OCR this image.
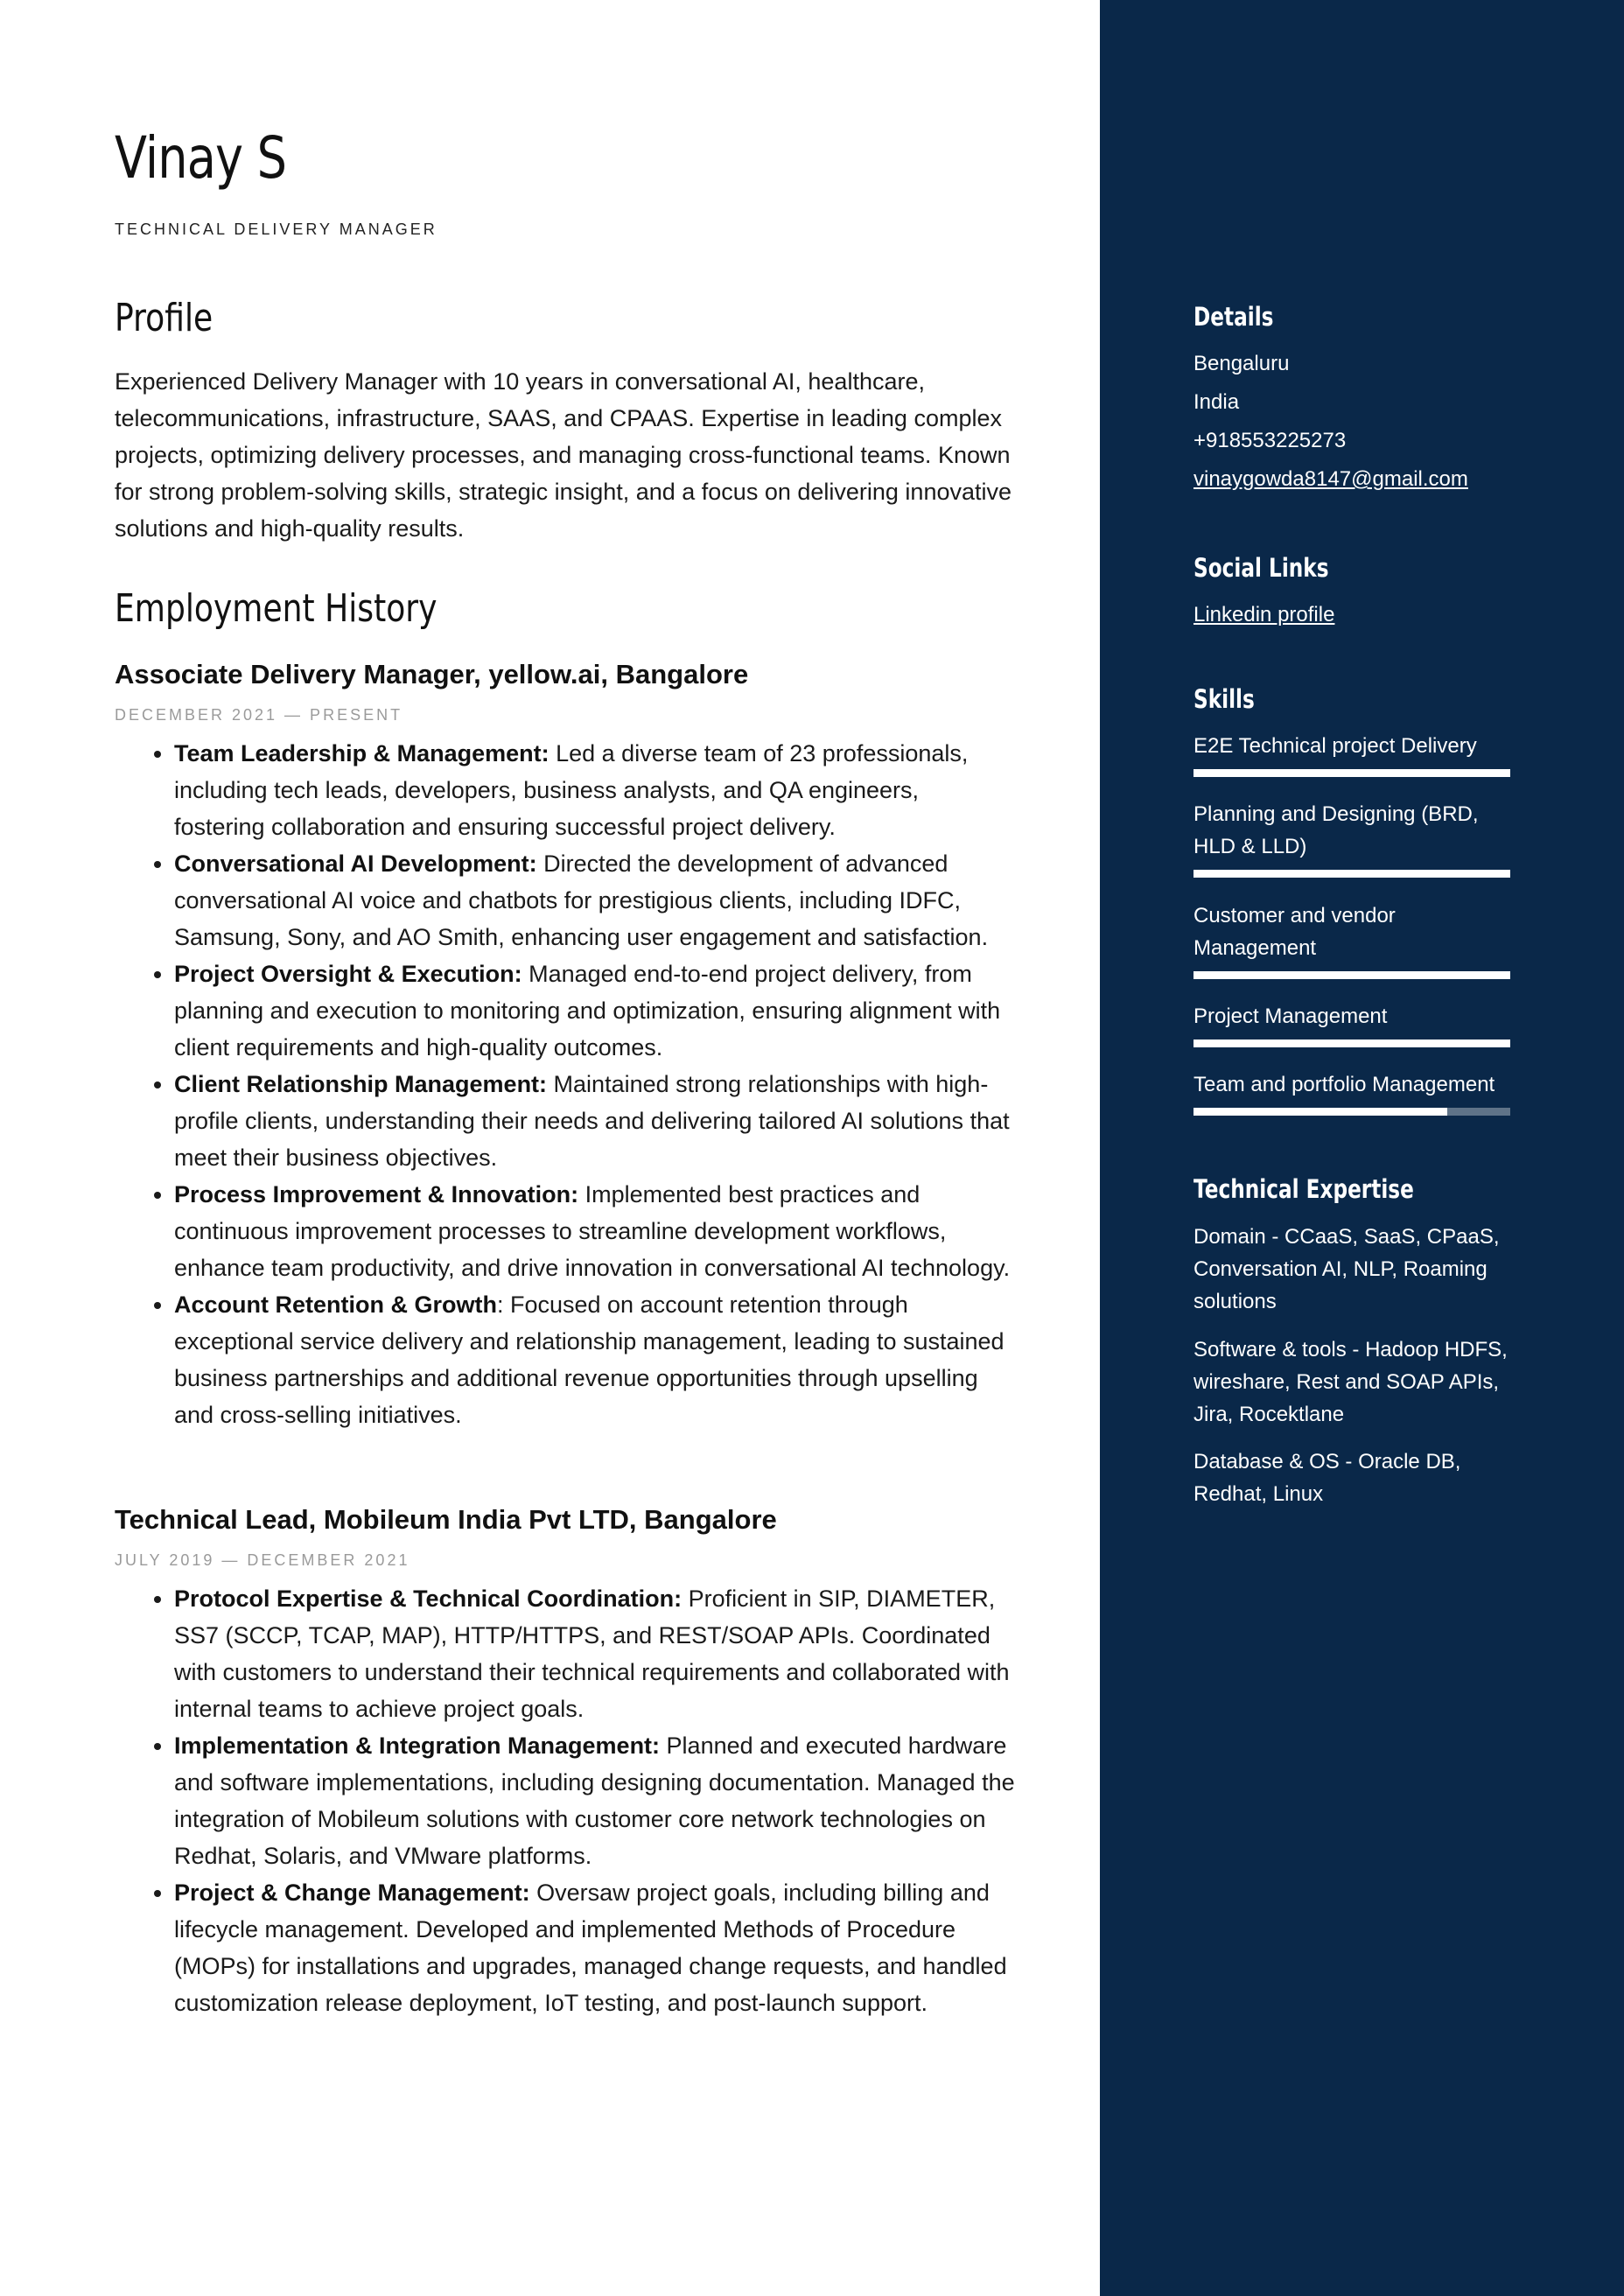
Vinay S
TECHNICAL DELIVERY MANAGER
Profile

Experienced Delivery Manager with 10 years in conversational AI, healthcare, telecommunications, infrastructure, SAAS, and CPAAS. Expertise in leading complex projects, optimizing delivery processes, and managing cross-functional teams. Known for strong problem-solving skills, strategic insight, and a focus on delivering innovative solutions and high-quality results.

Employment History
Associate Delivery Manager, yellow.ai, Bangalore
DECEMBER 2021 — PRESENT
• Team Leadership & Management: Led a diverse team of 23 professionals, including tech leads, developers, business analysts, and QA engineers, fostering collaboration and ensuring successful project delivery.
• Conversational AI Development: Directed the development of advanced conversational AI voice and chatbots for prestigious clients, including IDFC, Samsung, Sony, and AO Smith, enhancing user engagement and satisfaction.
• Project Oversight & Execution: Managed end-to-end project delivery, from planning and execution to monitoring and optimization, ensuring alignment with client requirements and high-quality outcomes.
• Client Relationship Management: Maintained strong relationships with high-profile clients, understanding their needs and delivering tailored AI solutions that meet their business objectives.
• Process Improvement & Innovation: Implemented best practices and continuous improvement processes to streamline development workflows, enhance team productivity, and drive innovation in conversational AI technology.
• Account Retention & Growth: Focused on account retention through exceptional service delivery and relationship management, leading to sustained business partnerships and additional revenue opportunities through upselling and cross-selling initiatives.
Technical Lead, Mobileum India Pvt LTD, Bangalore
JULY 2019 — DECEMBER 2021
• Protocol Expertise & Technical Coordination: Proficient in SIP, DIAMETER, SS7 (SCCP, TCAP, MAP), HTTP/HTTPS, and REST/SOAP APIs. Coordinated with customers to understand their technical requirements and collaborated with internal teams to achieve project goals.
• Implementation & Integration Management: Planned and executed hardware and software implementations, including designing documentation. Managed the integration of Mobileum solutions with customer core network technologies on Redhat, Solaris, and VMware platforms.
• Project & Change Management: Oversaw project goals, including billing and lifecycle management. Developed and implemented Methods of Procedure (MOPs) for installations and upgrades, managed change requests, and handled customization release deployment, IoT testing, and post-launch support.
Details
Bengaluru
India
+918553225273
vinaygowda8147@gmail.com
Social Links
Linkedin profile
Skills
E2E Technical project Delivery
Planning and Designing (BRD, HLD & LLD)
Customer and vendor Management
Project Management
Team and portfolio Management
Technical Expertise
Domain - CCaaS, SaaS, CPaaS, Conversation AI, NLP, Roaming solutions
Software & tools - Hadoop HDFS, wireshare, Rest and SOAP APIs, Jira, Rocektlane
Database & OS - Oracle DB, Redhat, Linux
